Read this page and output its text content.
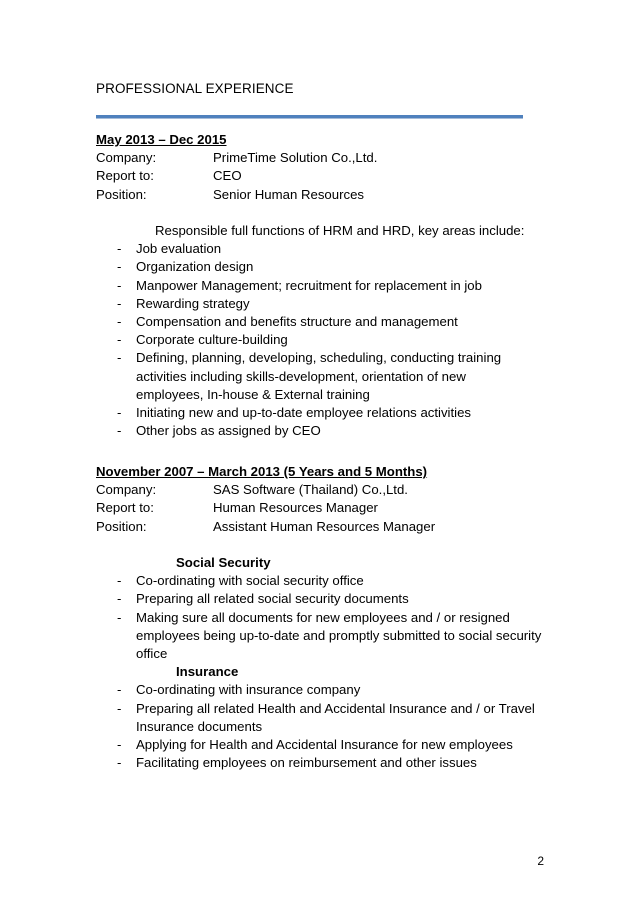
PROFESSIONAL EXPERIENCE
May 2013 – Dec 2015
Company:	PrimeTime Solution Co.,Ltd.
Report to:	CEO
Position:	Senior Human Resources
Responsible full functions of HRM and HRD, key areas include:
- Job evaluation
- Organization design
- Manpower Management; recruitment for replacement in job
- Rewarding strategy
- Compensation and benefits structure and management
- Corporate culture-building
- Defining, planning, developing, scheduling, conducting training activities including skills-development, orientation of new employees, In-house & External training
- Initiating new and up-to-date employee relations activities
- Other jobs as assigned by CEO
November 2007 – March 2013 (5 Years and 5 Months)
Company:	SAS Software (Thailand) Co.,Ltd.
Report to:	Human Resources Manager
Position:	Assistant Human Resources Manager
Social Security
- Co-ordinating with social security office
- Preparing all related social security documents
- Making sure all documents for new employees and / or resigned employees being up-to-date and promptly submitted to social security office
Insurance
- Co-ordinating with insurance company
- Preparing all related Health and Accidental Insurance and / or Travel Insurance documents
- Applying for Health and Accidental Insurance for new employees
- Facilitating employees on reimbursement and other issues
2
